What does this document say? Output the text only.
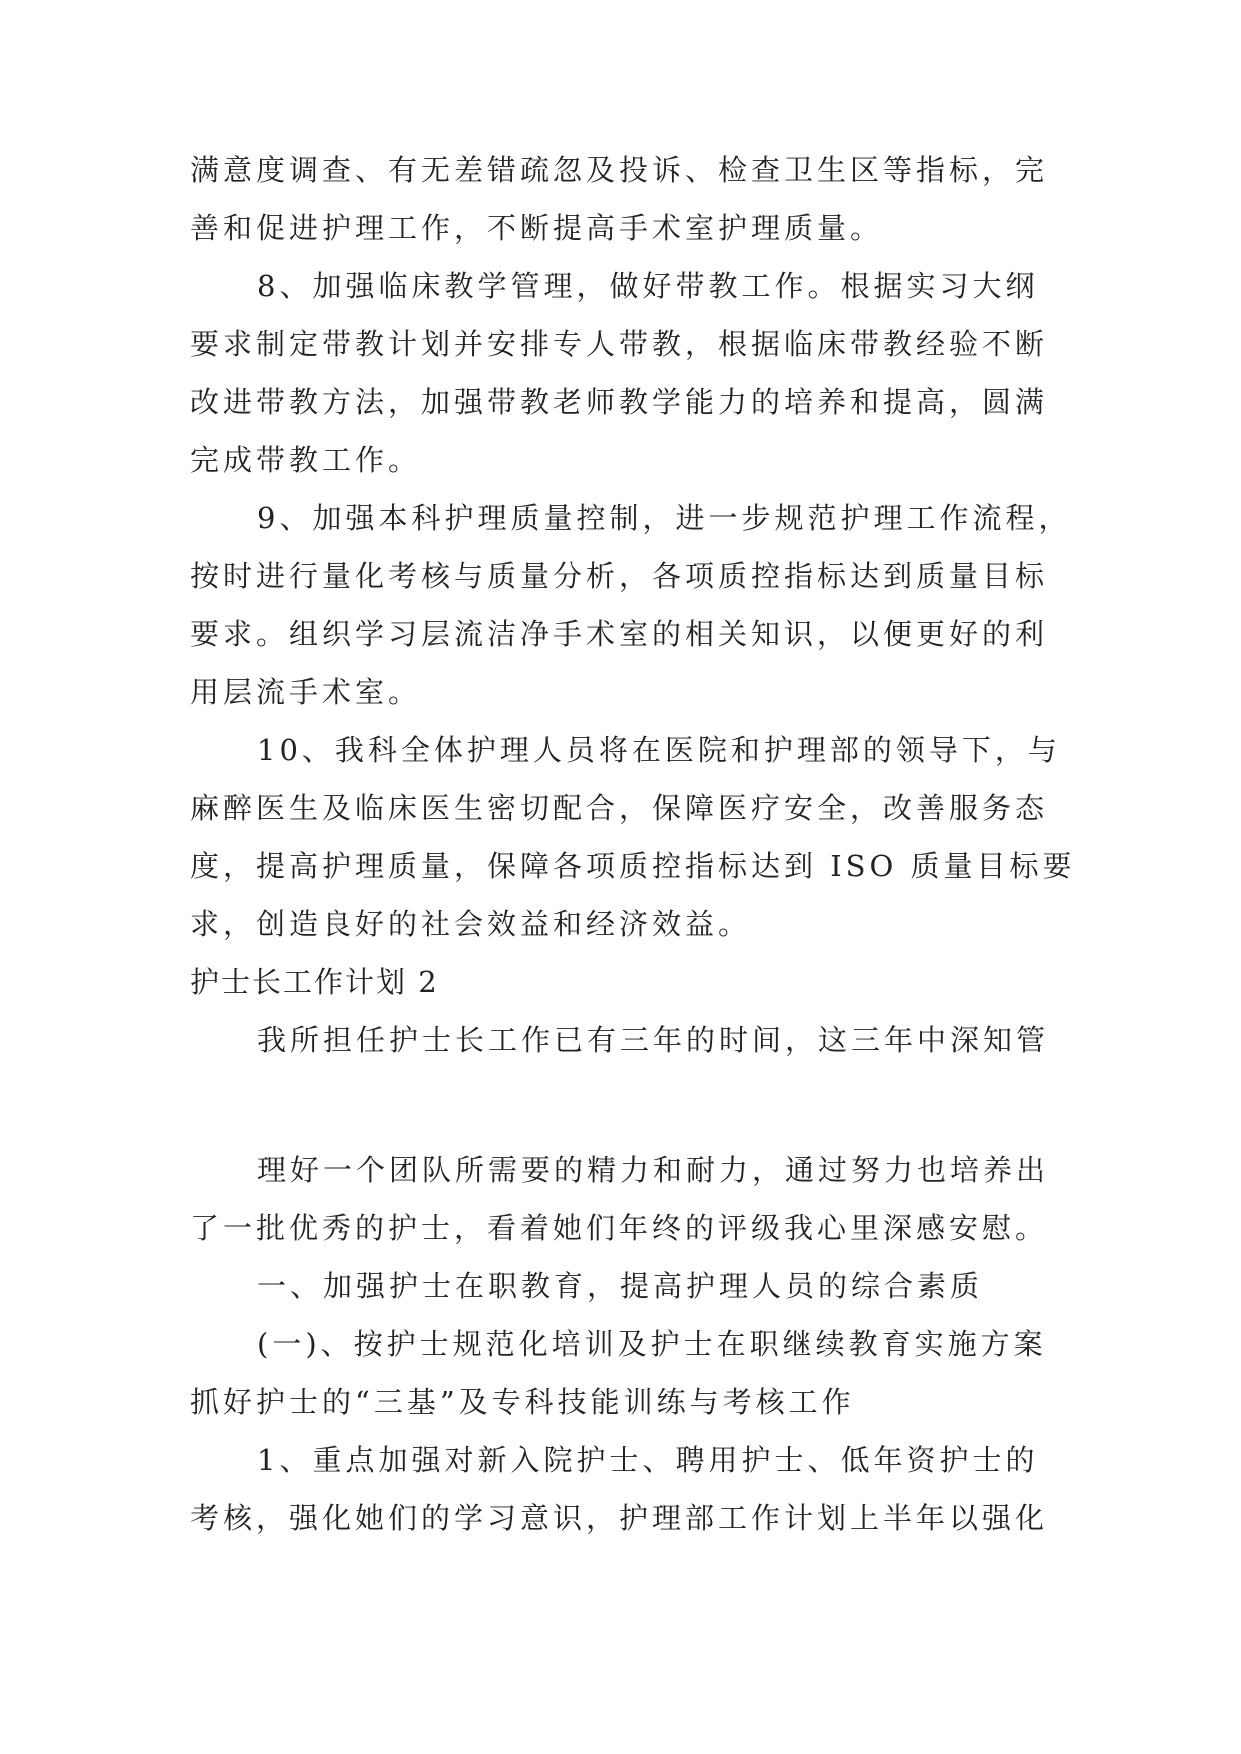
满意度调查、有无差错疏忽及投诉、检查卫生区等指标，完
善和促进护理工作，不断提高手术室护理质量。
8、加强临床教学管理，做好带教工作。根据实习大纲
要求制定带教计划并安排专人带教，根据临床带教经验不断
改进带教方法，加强带教老师教学能力的培养和提高，圆满
完成带教工作。
9、加强本科护理质量控制，进一步规范护理工作流程，
按时进行量化考核与质量分析，各项质控指标达到质量目标
要求。组织学习层流洁净手术室的相关知识，以便更好的利
用层流手术室。
10、我科全体护理人员将在医院和护理部的领导下，与
麻醉医生及临床医生密切配合，保障医疗安全，改善服务态
度，提高护理质量，保障各项质控指标达到 ISO 质量目标要
求，创造良好的社会效益和经济效益。
护士长工作计划 2
我所担任护士长工作已有三年的时间，这三年中深知管
理好一个团队所需要的精力和耐力，通过努力也培养出
了一批优秀的护士，看着她们年终的评级我心里深感安慰。
一、加强护士在职教育，提高护理人员的综合素质
(一)、按护士规范化培训及护士在职继续教育实施方案
抓好护士的“三基”及专科技能训练与考核工作
1、重点加强对新入院护士、聘用护士、低年资护士的
考核，强化她们的学习意识，护理部工作计划上半年以强化
